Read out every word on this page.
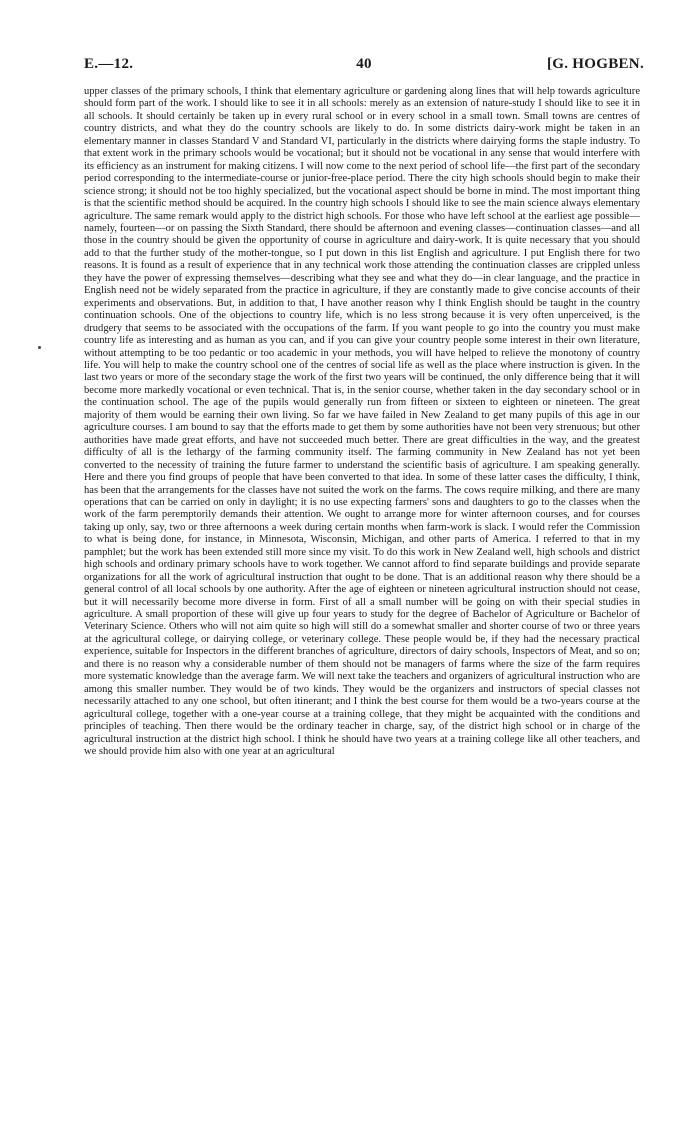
E.—12.	40	[G. HOGBEN.

upper classes of the primary schools, I think that elementary agriculture or gardening along lines that will help towards agriculture should form part of the work. I should like to see it in all schools: merely as an extension of nature-study I should like to see it in all schools. It should certainly be taken up in every rural school or in every school in a small town. Small towns are centres of country districts, and what they do the country schools are likely to do. In some districts dairy-work might be taken in an elementary manner in classes Standard V and Standard VI, particularly in the districts where dairying forms the staple industry. To that extent work in the primary schools would be vocational; but it should not be vocational in any sense that would interfere with its efficiency as an instrument for making citizens. I will now come to the next period of school life—the first part of the secondary period corresponding to the intermediate-course or junior-free-place period. There the city high schools should begin to make their science strong; it should not be too highly specialized, but the vocational aspect should be borne in mind. The most important thing is that the scientific method should be acquired. In the country high schools I should like to see the main science always elementary agriculture. The same remark would apply to the district high schools. For those who have left school at the earliest age possible—namely, fourteen—or on passing the Sixth Standard, there should be afternoon and evening classes—continuation classes—and all those in the country should be given the opportunity of course in agriculture and dairy-work. It is quite necessary that you should add to that the further study of the mother-tongue, so I put down in this list English and agriculture. I put English there for two reasons. It is found as a result of experience that in any technical work those attending the continuation classes are crippled unless they have the power of expressing themselves—describing what they see and what they do—in clear language, and the practice in English need not be widely separated from the practice in agriculture, if they are constantly made to give concise accounts of their experiments and observations. But, in addition to that, I have another reason why I think English should be taught in the country continuation schools. One of the objections to country life, which is no less strong because it is very often unperceived, is the drudgery that seems to be associated with the occupations of the farm. If you want people to go into the country you must make country life as interesting and as human as you can, and if you can give your country people some interest in their own literature, without attempting to be too pedantic or too academic in your methods, you will have helped to relieve the monotony of country life. You will help to make the country school one of the centres of social life as well as the place where instruction is given. In the last two years or more of the secondary stage the work of the first two years will be continued, the only difference being that it will become more markedly vocational or even technical. That is, in the senior course, whether taken in the day secondary school or in the continuation school. The age of the pupils would generally run from fifteen or sixteen to eighteen or nineteen. The great majority of them would be earning their own living. So far we have failed in New Zealand to get many pupils of this age in our agriculture courses. I am bound to say that the efforts made to get them by some authorities have not been very strenuous; but other authorities have made great efforts, and have not succeeded much better. There are great difficulties in the way, and the greatest difficulty of all is the lethargy of the farming community itself. The farming community in New Zealand has not yet been converted to the necessity of training the future farmer to understand the scientific basis of agriculture. I am speaking generally. Here and there you find groups of people that have been converted to that idea. In some of these latter cases the difficulty, I think, has been that the arrangements for the classes have not suited the work on the farms. The cows require milking, and there are many operations that can be carried on only in daylight; it is no use expecting farmers' sons and daughters to go to the classes when the work of the farm peremptorily demands their attention. We ought to arrange more for winter afternoon courses, and for courses taking up only, say, two or three afternoons a week during certain months when farm-work is slack. I would refer the Commission to what is being done, for instance, in Minnesota, Wisconsin, Michigan, and other parts of America. I referred to that in my pamphlet; but the work has been extended still more since my visit. To do this work in New Zealand well, high schools and district high schools and ordinary primary schools have to work together. We cannot afford to find separate buildings and provide separate organizations for all the work of agricultural instruction that ought to be done. That is an additional reason why there should be a general control of all local schools by one authority. After the age of eighteen or nineteen agricultural instruction should not cease, but it will necessarily become more diverse in form. First of all a small number will be going on with their special studies in agriculture. A small proportion of these will give up four years to study for the degree of Bachelor of Agriculture or Bachelor of Veterinary Science. Others who will not aim quite so high will still do a somewhat smaller and shorter course of two or three years at the agricultural college, or dairying college, or veterinary college. These people would be, if they had the necessary practical experience, suitable for Inspectors in the different branches of agriculture, directors of dairy schools, Inspectors of Meat, and so on; and there is no reason why a considerable number of them should not be managers of farms where the size of the farm requires more systematic knowledge than the average farm. We will next take the teachers and organizers of agricultural instruction who are among this smaller number. They would be of two kinds. They would be the organizers and instructors of special classes not necessarily attached to any one school, but often itinerant; and I think the best course for them would be a two-years course at the agricultural college, together with a one-year course at a training college, that they might be acquainted with the conditions and principles of teaching. Then there would be the ordinary teacher in charge, say, of the district high school or in charge of the agricultural instruction at the district high school. I think he should have two years at a training college like all other teachers, and we should provide him also with one year at an agricultural
